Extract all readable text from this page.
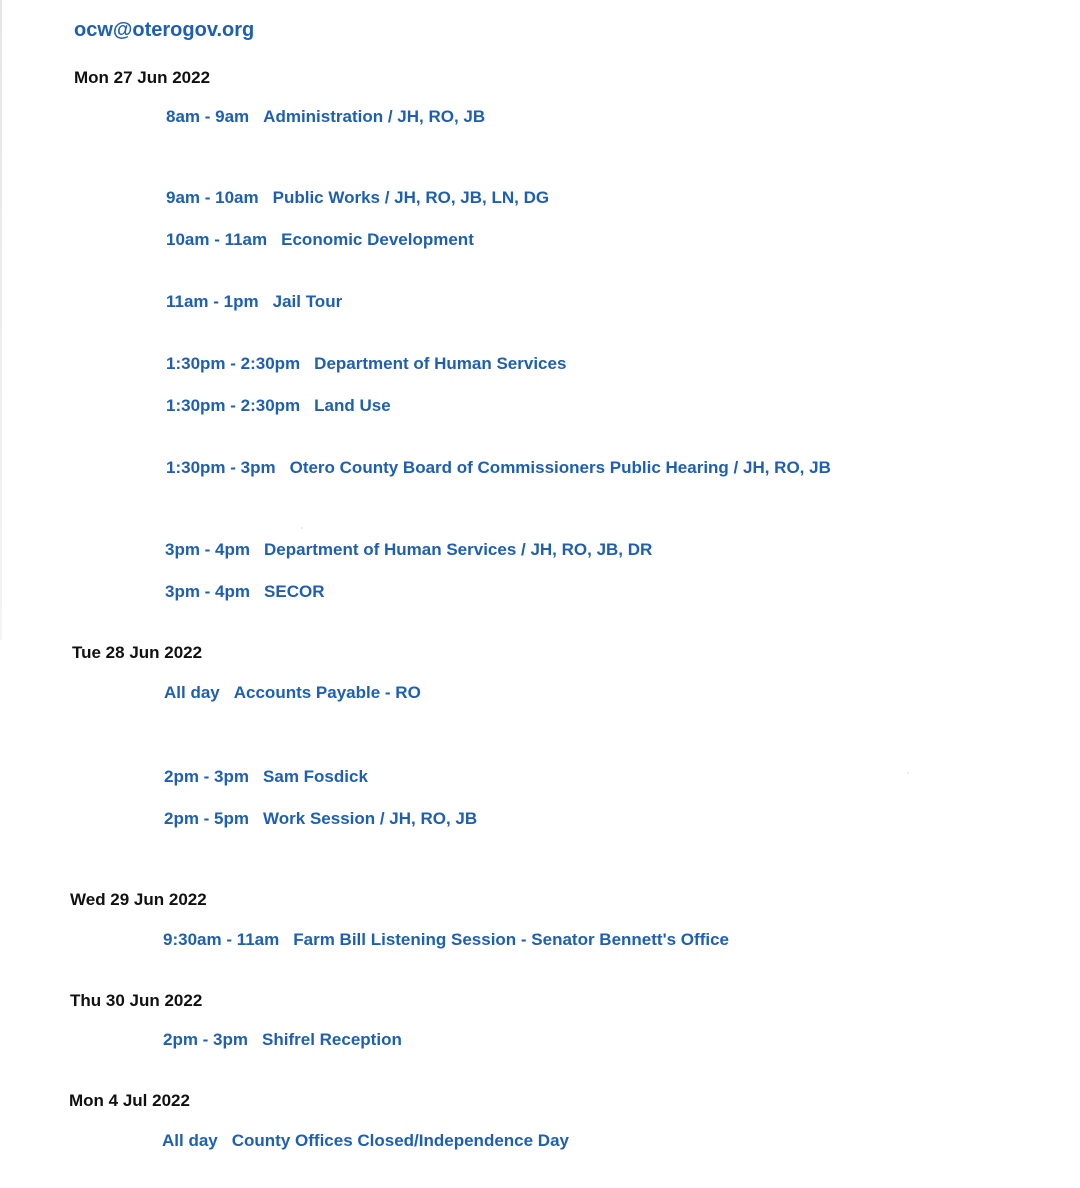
ocw@oterogov.org
Mon 27 Jun 2022
8am - 9am Administration / JH, RO, JB
9am - 10am Public Works / JH, RO, JB, LN, DG
10am - 11am Economic Development
11am - 1pm Jail Tour
1:30pm - 2:30pm Department of Human Services
1:30pm - 2:30pm Land Use
1:30pm - 3pm Otero County Board of Commissioners Public Hearing / JH, RO, JB
3pm - 4pm Department of Human Services / JH, RO, JB, DR
3pm - 4pm SECOR
Tue 28 Jun 2022
All day Accounts Payable - RO
2pm - 3pm Sam Fosdick
2pm - 5pm Work Session / JH, RO, JB
Wed 29 Jun 2022
9:30am - 11am Farm Bill Listening Session - Senator Bennett's Office
Thu 30 Jun 2022
2pm - 3pm Shifrel Reception
Mon 4 Jul 2022
All day County Offices Closed/Independence Day
